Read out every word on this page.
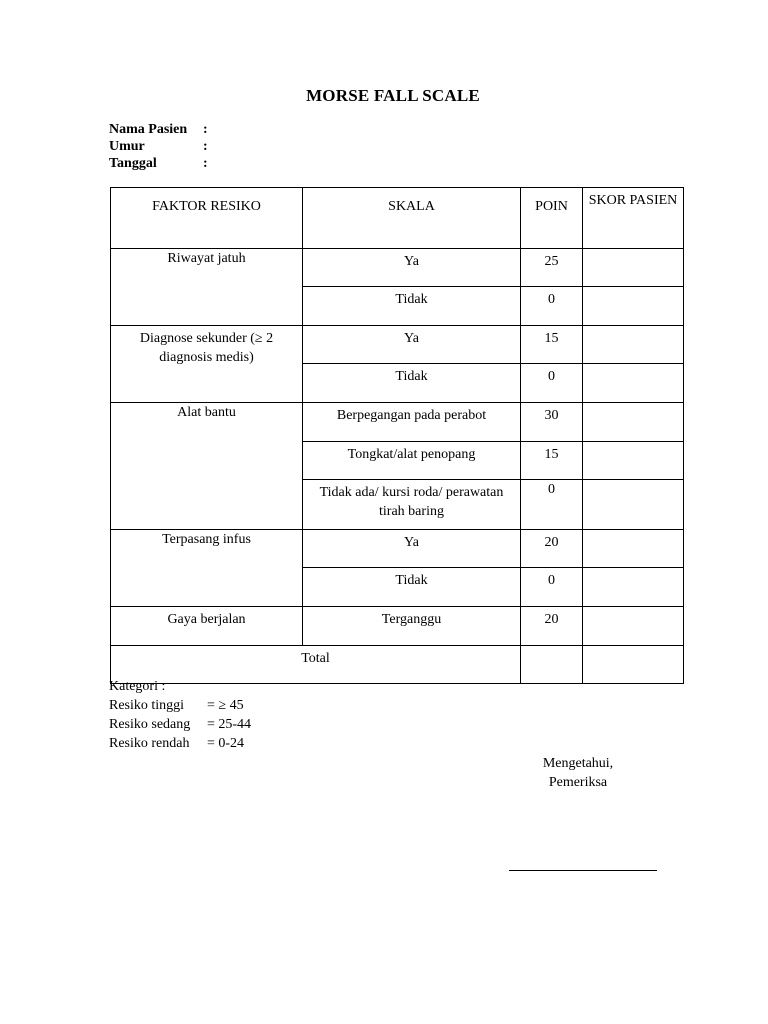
MORSE FALL SCALE
Nama Pasien	:
Umur	:
Tanggal	:
FAKTOR RESIKO	SKALA	POIN	SKOR PASIEN
Riwayat jatuh	Ya	25	
	Tidak	0	
Diagnose sekunder (≥ 2 diagnosis medis)	Ya	15	
	Tidak	0	
Alat bantu	Berpegangan pada perabot	30	
	Tongkat/alat penopang	15	
	Tidak ada/ kursi roda/ perawatan tirah baring	0	
Terpasang infus	Ya	20	
	Tidak	0	
Gaya berjalan	Terganggu	20	
Total			
Kategori :
Resiko tinggi	= ≥ 45
Resiko sedang	= 25-44
Resiko rendah	= 0-24
Mengetahui,
Pemeriksa
